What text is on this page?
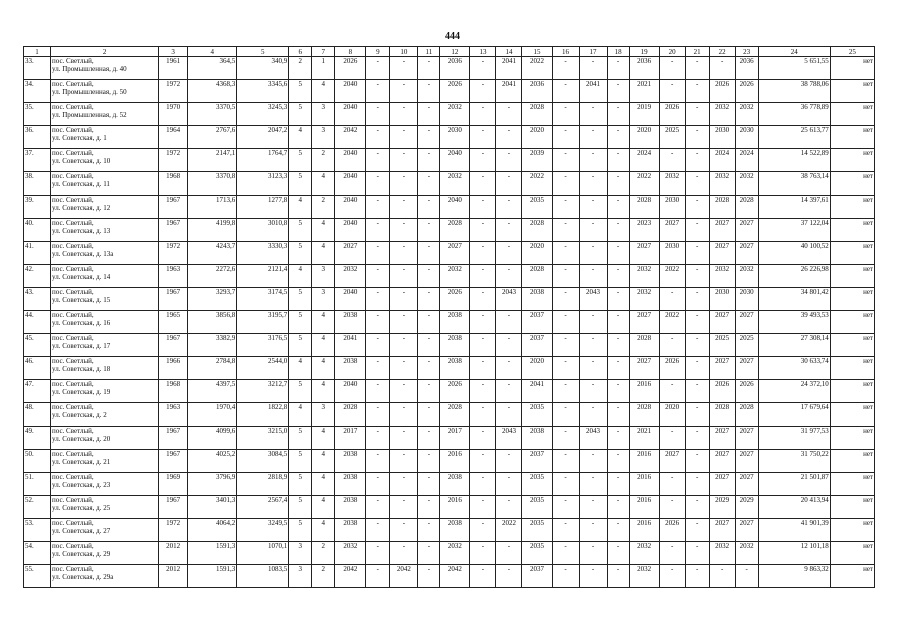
444
1	2	3	4	5	6	7	8	9	10	11	12	13	14	15	16	17	18	19	20	21	22	23	24	25
33.	пос. Светлый,
ул. Промышленная, д. 40	1961	364,5	340,9	2	1	2026	-	-	-	2036	-	2041	2022	-	-	-	2036	-	-	-	2036	5 651,55	нет
34.	пос. Светлый,
ул. Промышленная, д. 50	1972	4368,3	3345,6	5	4	2040	-	-	-	2026	-	2041	2036	-	2041	-	2021	-	-	2026	2026	38 788,06	нет
35.	пос. Светлый,
ул. Промышленная, д. 52	1970	3370,5	3245,3	5	3	2040	-	-	-	2032	-	-	2028	-	-	-	2019	2026	-	2032	2032	36 778,89	нет
36.	пос. Светлый,
ул. Советская, д. 1	1964	2767,6	2047,2	4	3	2042	-	-	-	2030	-	-	2020	-	-	-	2020	2025	-	2030	2030	25 613,77	нет
37.	пос. Светлый,
ул. Советская, д. 10	1972	2147,1	1764,7	5	2	2040	-	-	-	2040	-	-	2039	-	-	-	2024	-	-	2024	2024	14 522,89	нет
38.	пос. Светлый,
ул. Советская, д. 11	1968	3370,8	3123,3	5	4	2040	-	-	-	2032	-	-	2022	-	-	-	2022	2032	-	2032	2032	38 763,14	нет
39.	пос. Светлый,
ул. Советская, д. 12	1967	1713,6	1277,8	4	2	2040	-	-	-	2040	-	-	2035	-	-	-	2028	2030	-	2028	2028	14 397,61	нет
40.	пос. Светлый,
ул. Советская, д. 13	1967	4199,8	3010,8	5	4	2040	-	-	-	2028	-	-	2028	-	-	-	2023	2027	-	2027	2027	37 122,04	нет
41.	пос. Светлый,
ул. Советская, д. 13а	1972	4243,7	3330,3	5	4	2027	-	-	-	2027	-	-	2020	-	-	-	2027	2030	-	2027	2027	40 100,52	нет
42.	пос. Светлый,
ул. Советская, д. 14	1963	2272,6	2121,4	4	3	2032	-	-	-	2032	-	-	2028	-	-	-	2032	2022	-	2032	2032	26 226,98	нет
43.	пос. Светлый,
ул. Советская, д. 15	1967	3293,7	3174,5	5	3	2040	-	-	-	2026	-	2043	2038	-	2043	-	2032	-	-	2030	2030	34 801,42	нет
44.	пос. Светлый,
ул. Советская, д. 16	1965	3856,8	3195,7	5	4	2038	-	-	-	2038	-	-	2037	-	-	-	2027	2022	-	2027	2027	39 493,53	нет
45.	пос. Светлый,
ул. Советская, д. 17	1967	3382,9	3176,5	5	4	2041	-	-	-	2038	-	-	2037	-	-	-	2028	-	-	2025	2025	27 308,14	нет
46.	пос. Светлый,
ул. Советская, д. 18	1966	2784,8	2544,0	4	4	2038	-	-	-	2038	-	-	2020	-	-	-	2027	2026	-	2027	2027	30 633,74	нет
47.	пос. Светлый,
ул. Советская, д. 19	1968	4397,5	3212,7	5	4	2040	-	-	-	2026	-	-	2041	-	-	-	2016	-	-	2026	2026	24 372,10	нет
48.	пос. Светлый,
ул. Советская, д. 2	1963	1970,4	1822,8	4	3	2028	-	-	-	2028	-	-	2035	-	-	-	2028	2020	-	2028	2028	17 679,64	нет
49.	пос. Светлый,
ул. Советская, д. 20	1967	4099,6	3215,0	5	4	2017	-	-	-	2017	-	2043	2038	-	2043	-	2021	-	-	2027	2027	31 977,53	нет
50.	пос. Светлый,
ул. Советская, д. 21	1967	4025,2	3084,5	5	4	2038	-	-	-	2016	-	-	2037	-	-	-	2016	2027	-	2027	2027	31 750,22	нет
51.	пос. Светлый,
ул. Советская, д. 23	1969	3796,9	2818,9	5	4	2038	-	-	-	2038	-	-	2035	-	-	-	2016	-	-	2027	2027	21 501,87	нет
52.	пос. Светлый,
ул. Советская, д. 25	1967	3401,3	2567,4	5	4	2038	-	-	-	2016	-	-	2035	-	-	-	2016	-	-	2029	2029	20 413,94	нет
53.	пос. Светлый,
ул. Советская, д. 27	1972	4064,2	3249,5	5	4	2038	-	-	-	2038	-	2022	2035	-	-	-	2016	2026	-	2027	2027	41 901,39	нет
54.	пос. Светлый,
ул. Советская, д. 29	2012	1591,3	1070,1	3	2	2032	-	-	-	2032	-	-	2035	-	-	-	2032	-	-	2032	2032	12 101,18	нет
55.	пос. Светлый,
ул. Советская, д. 29а	2012	1591,3	1083,5	3	2	2042	-	2042	-	2042	-	-	2037	-	-	-	2032	-	-	-	-	9 863,32	нет
